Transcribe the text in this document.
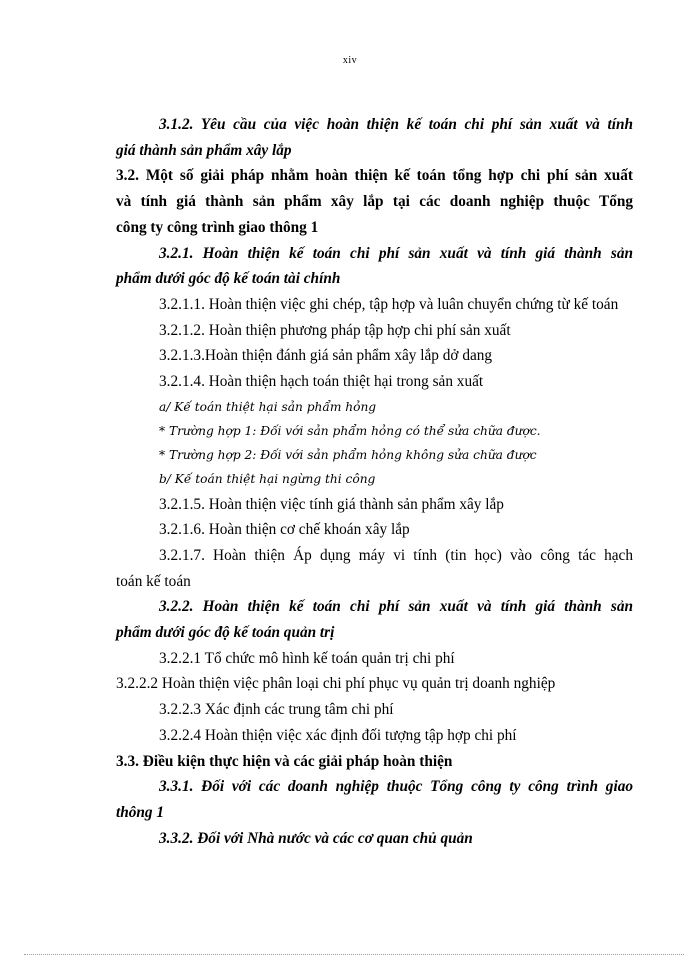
xiv
3.1.2. Yêu cầu của việc hoàn thiện kế toán chi phí sản xuất và tính
giá thành sản phẩm xây lắp
3.2. Một số giải pháp nhằm hoàn thiện kế toán tổng hợp chi phí sản xuất
và tính giá thành sản phẩm xây lắp tại các doanh nghiệp thuộc Tổng
công ty công trình giao thông 1
3.2.1. Hoàn thiện kế toán chi phí sản xuất và tính giá thành sản
phẩm dưới góc độ kế toán tài chính
3.2.1.1. Hoàn thiện việc ghi chép, tập hợp và luân chuyển chứng từ kế toán
3.2.1.2. Hoàn thiện phương pháp tập hợp chi phí sản xuất
3.2.1.3.Hoàn thiện đánh giá sản phẩm xây lắp dở dang
3.2.1.4. Hoàn thiện hạch toán thiệt hại trong sản xuất
a/ Kế toán thiệt hại sản phẩm hỏng
* Trường hợp 1: Đối với sản phẩm hỏng có thể sửa chữa được.
* Trường hợp 2: Đối với sản phẩm hỏng không sửa chữa được
b/ Kế toán thiệt hại ngừng thi công
3.2.1.5. Hoàn thiện việc tính giá thành sản phẩm xây lắp
3.2.1.6. Hoàn thiện cơ chế khoán xây lắp
3.2.1.7. Hoàn thiện Áp dụng máy vi tính (tin học) vào công tác hạch
toán kế toán
3.2.2. Hoàn thiện kế toán chi phí sản xuất và tính giá thành sản
phẩm dưới góc độ kế toán quản trị
3.2.2.1 Tổ chức mô hình kế toán quản trị chi phí
3.2.2.2 Hoàn thiện việc phân loại chi phí phục vụ quản trị doanh nghiệp
3.2.2.3 Xác định các trung tâm chi phí
3.2.2.4 Hoàn thiện việc xác định đối tượng tập hợp chi phí
3.3. Điều kiện thực hiện và các giải pháp hoàn thiện
3.3.1. Đối với các doanh nghiệp thuộc Tổng công ty công trình giao
thông 1
3.3.2. Đối với Nhà nước và các cơ quan chủ quản
